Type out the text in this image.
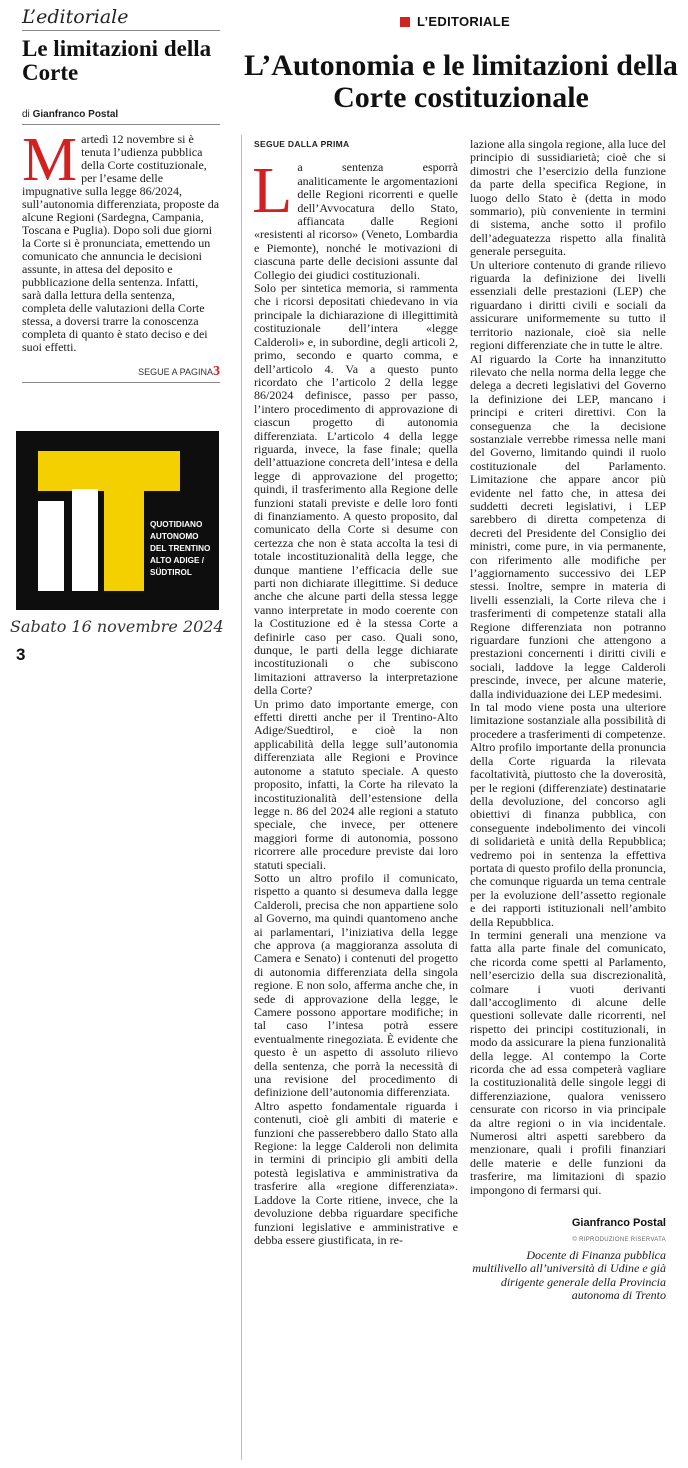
L’editoriale
Le limitazioni della Corte
di Gianfranco Postal
Martedì 12 novembre si è tenuta l’udienza pubblica della Corte costituzionale, per l’esame delle impugnative sulla legge 86/2024, sull’autonomia differenziata, proposte da alcune Regioni (Sardegna, Campania, Toscana e Puglia). Dopo soli due giorni la Corte si è pronunciata, emettendo un comunicato che annuncia le decisioni assunte, in attesa del deposito e pubblicazione della sentenza. Infatti, sarà dalla lettura della sentenza, completa delle valutazioni della Corte stessa, a doversi trarre la conoscenza completa di quanto è stato deciso e dei suoi effetti.
SEGUE A PAGINA3
QUOTIDIANO
AUTONOMO
DEL TRENTINO
ALTO ADIGE /
SÜDTIROL
Sabato 16 novembre 2024
3
L’EDITORIALE
L’Autonomia e le limitazioni della Corte costituzionale
SEGUE DALLA PRIMA

La sentenza esporrà analiticamente le argomentazioni delle Regioni ricorrenti e quelle dell’Avvocatura dello Stato, affiancata dalle Regioni «resistenti al ricorso» (Veneto, Lombardia e Piemonte), nonché le motivazioni di ciascuna parte delle decisioni assunte dal Collegio dei giudici costituzionali.

Solo per sintetica memoria, si rammenta che i ricorsi depositati chiedevano in via principale la dichiarazione di illegittimità costituzionale dell’intera «legge Calderoli» e, in subordine, degli articoli 2, primo, secondo e quarto comma, e dell’articolo 4. Va a questo punto ricordato che l’articolo 2 della legge 86/2024 definisce, passo per passo, l’intero procedimento di approvazione di ciascun progetto di autonomia differenziata. L’articolo 4 della legge riguarda, invece, la fase finale; quella dell’attuazione concreta dell’intesa e della legge di approvazione del progetto; quindi, il trasferimento alla Regione delle funzioni statali previste e delle loro fonti di finanziamento. A questo proposito, dal comunicato della Corte si desume con certezza che non è stata accolta la tesi di totale incostituzionalità della legge, che dunque mantiene l’efficacia delle sue parti non dichiarate illegittime. Si deduce anche che alcune parti della stessa legge vanno interpretate in modo coerente con la Costituzione ed è la stessa Corte a definirle caso per caso. Quali sono, dunque, le parti della legge dichiarate incostituzionali o che subiscono limitazioni attraverso la interpretazione della Corte?

Un primo dato importante emerge, con effetti diretti anche per il Trentino-Alto Adige/Suedtirol, e cioè la non applicabilità della legge sull’autonomia differenziata alle Regioni e Province autonome a statuto speciale. A questo proposito, infatti, la Corte ha rilevato la incostituzionalità dell’estensione della legge n. 86 del 2024 alle regioni a statuto speciale, che invece, per ottenere maggiori forme di autonomia, possono ricorrere alle procedure previste dai loro statuti speciali.

Sotto un altro profilo il comunicato, rispetto a quanto si desumeva dalla legge Calderoli, precisa che non appartiene solo al Governo, ma quindi quantomeno anche ai parlamentari, l’iniziativa della legge che approva (a maggioranza assoluta di Camera e Senato) i contenuti del progetto di autonomia differenziata della singola regione. E non solo, afferma anche che, in sede di approvazione della legge, le Camere possono apportare modifiche; in tal caso l’intesa potrà essere eventualmente rinegoziata. È evidente che questo è un aspetto di assoluto rilievo della sentenza, che porrà la necessità di una revisione del procedimento di definizione dell’autonomia differenziata.

Altro aspetto fondamentale riguarda i contenuti, cioè gli ambiti di materie e funzioni che passerebbero dallo Stato alla Regione: la legge Calderoli non delimita in termini di principio gli ambiti della potestà legislativa e amministrativa da trasferire alla «regione differenziata». Laddove la Corte ritiene, invece, che la devoluzione debba riguardare specifiche funzioni legislative e amministrative e debba essere giustificata, in re-

lazione alla singola regione, alla luce del principio di sussidiarietà; cioè che si dimostri che l’esercizio della funzione da parte della specifica Regione, in luogo dello Stato è (detta in modo sommario), più conveniente in termini di sistema, anche sotto il profilo dell’adeguatezza rispetto alla finalità generale perseguita.

Un ulteriore contenuto di grande rilievo riguarda la definizione dei livelli essenziali delle prestazioni (LEP) che riguardano i diritti civili e sociali da assicurare uniformemente su tutto il territorio nazionale, cioè sia nelle regioni differenziate che in tutte le altre.

Al riguardo la Corte ha innanzitutto rilevato che nella norma della legge che delega a decreti legislativi del Governo la definizione dei LEP, mancano i principi e criteri direttivi. Con la conseguenza che la decisione sostanziale verrebbe rimessa nelle mani del Governo, limitando quindi il ruolo costituzionale del Parlamento. Limitazione che appare ancor più evidente nel fatto che, in attesa dei suddetti decreti legislativi, i LEP sarebbero di diretta competenza di decreti del Presidente del Consiglio dei ministri, come pure, in via permanente, con riferimento alle modifiche per l’aggiornamento successivo dei LEP stessi. Inoltre, sempre in materia di livelli essenziali, la Corte rileva che i trasferimenti di competenze statali alla Regione differenziata non potranno riguardare funzioni che attengono a prestazioni concernenti i diritti civili e sociali, laddove la legge Calderoli prescinde, invece, per alcune materie, dalla individuazione dei LEP medesimi.

In tal modo viene posta una ulteriore limitazione sostanziale alla possibilità di procedere a trasferimenti di competenze.

Altro profilo importante della pronuncia della Corte riguarda la rilevata facoltatività, piuttosto che la doverosità, per le regioni (differenziate) destinatarie della devoluzione, del concorso agli obiettivi di finanza pubblica, con conseguente indebolimento dei vincoli di solidarietà e unità della Repubblica; vedremo poi in sentenza la effettiva portata di questo profilo della pronuncia, che comunque riguarda un tema centrale per la evoluzione dell’assetto regionale e dei rapporti istituzionali nell’ambito della Repubblica.

In termini generali una menzione va fatta alla parte finale del comunicato, che ricorda come spetti al Parlamento, nell’esercizio della sua discrezionalità, colmare i vuoti derivanti dall’accoglimento di alcune delle questioni sollevate dalle ricorrenti, nel rispetto dei principi costituzionali, in modo da assicurare la piena funzionalità della legge. Al contempo la Corte ricorda che ad essa competerà vagliare la costituzionalità delle singole leggi di differenziazione, qualora venissero censurate con ricorso in via principale da altre regioni o in via incidentale. Numerosi altri aspetti sarebbero da menzionare, quali i profili finanziari delle materie e delle funzioni da trasferire, ma limitazioni di spazio impongono di fermarsi qui.

Gianfranco Postal
© RIPRODUZIONE RISERVATA
Docente di Finanza pubblica multilivello all’università di Udine e già dirigente generale della Provincia autonoma di Trento
